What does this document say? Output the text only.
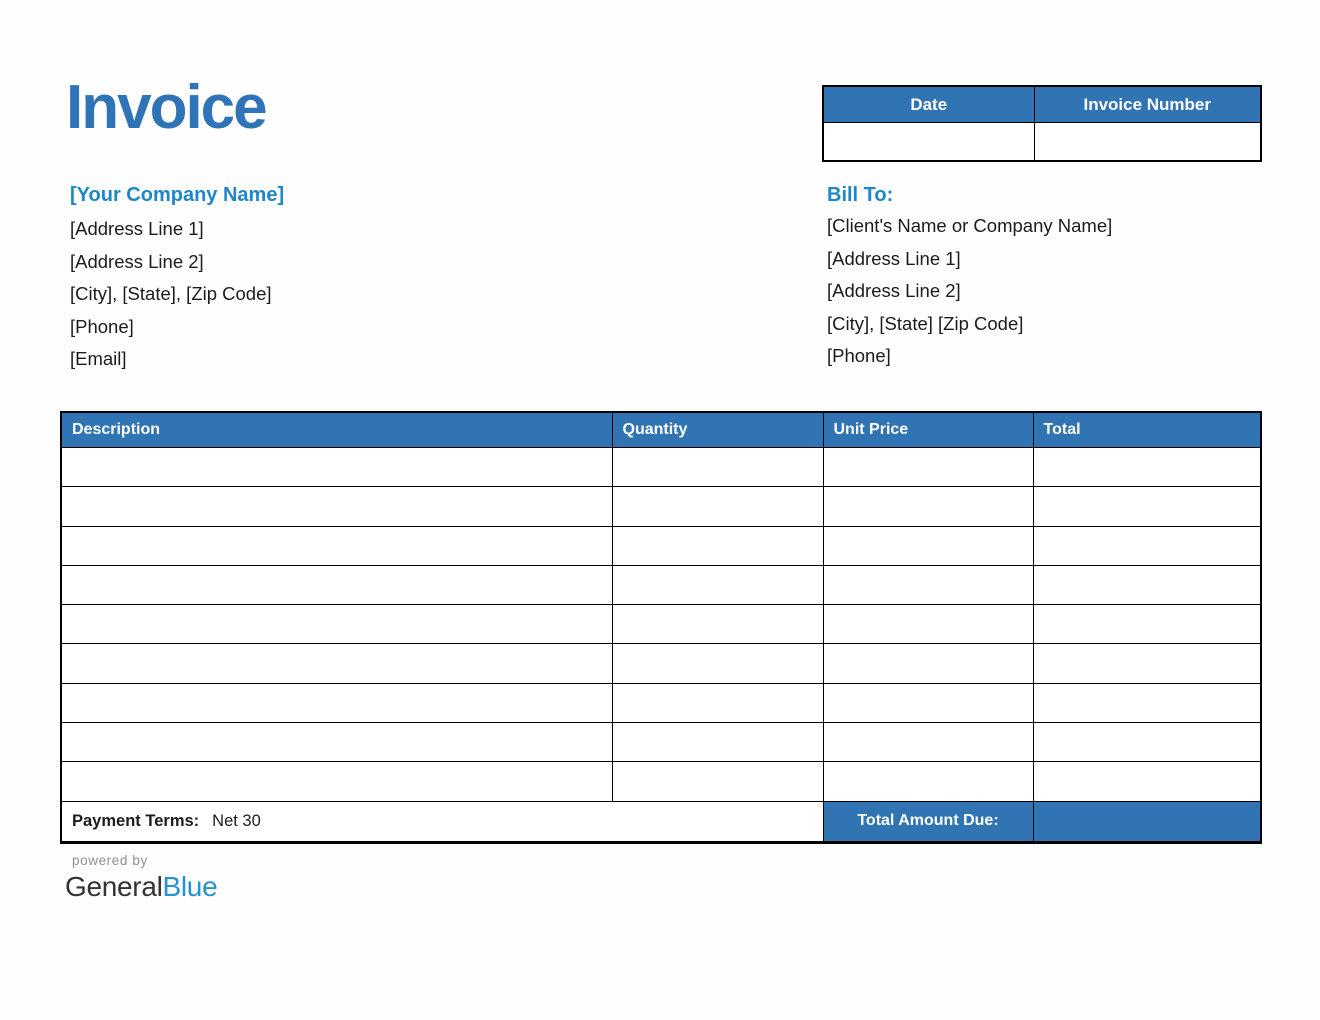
Invoice	Date	Invoice Number

[Your Company Name]
[Address Line 1]
[Address Line 2]
[City], [State], [Zip Code]
[Phone]
[Email]
Bill To:
[Client's Name or Company Name]
[Address Line 1]
[Address Line 2]
[City], [State] [Zip Code]
[Phone]
Description	Quantity	Unit Price	Total

Payment Terms: Net 30		Total Amount Due:	
powered by
GeneralBlue
